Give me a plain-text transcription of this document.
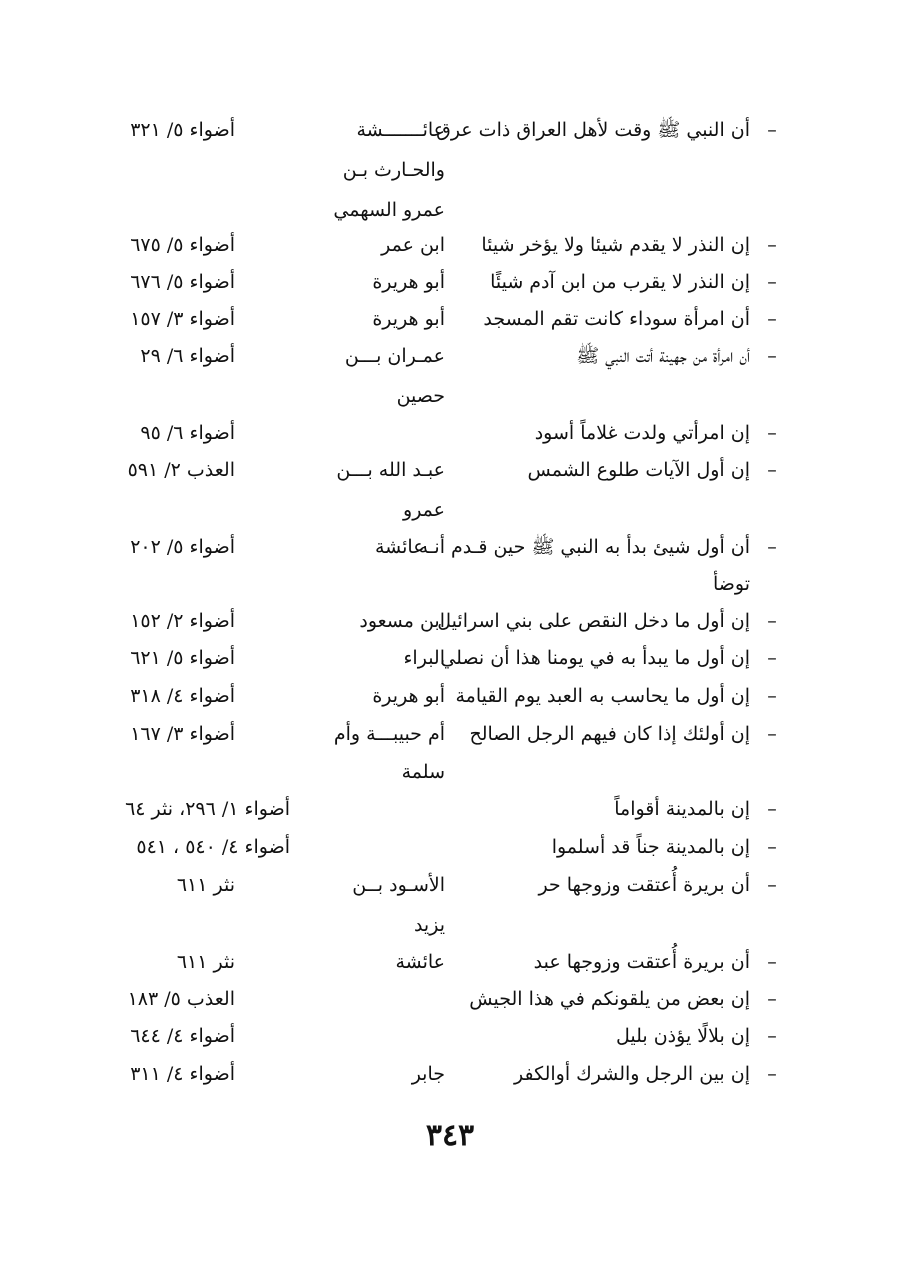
–
أن النبي ﷺ وقت لأهل العراق ذات عرق
عائـــــــشة
أضواء ٥/ ٣٢١
والحـارث بـن
عمرو السهمي
–
إن النذر لا يقدم شيئا ولا يؤخر شيئا
ابن عمر
أضواء ٥/ ٦٧٥
–
إن النذر لا يقرب من ابن آدم شيئًا
أبو هريرة
أضواء ٥/ ٦٧٦
–
أن امرأة سوداء كانت تقم المسجد
أبو هريرة
أضواء ٣/ ١٥٧
–
أن امرأة من جهينة أتت النبي ﷺ
عمـران بـــن
أضواء ٦/ ٢٩
حصين
–
إن امرأتي ولدت غلاماً أسود
أضواء ٦/ ٩٥
–
إن أول الآيات طلوع الشمس
عبـد الله بـــن
العذب ٢/ ٥٩١
عمرو
–
أن أول شيئ بدأ به النبي ﷺ حين قـدم أنـه
عائشة
أضواء ٥/ ٢٠٢
توضأ
–
إن أول ما دخل النقص على بني اسرائيل
ابن مسعود
أضواء ٢/ ١٥٢
–
إن أول ما يبدأ به في يومنا هذا أن نصلي
البراء
أضواء ٥/ ٦٢١
–
إن أول ما يحاسب به العبد يوم القيامة
أبو هريرة
أضواء ٤/ ٣١٨
–
إن أولئك إذا كان فيهم الرجل الصالح
أم حبيبـــة وأم
أضواء ٣/ ١٦٧
سلمة
–
إن بالمدينة أقواماً
أضواء ١/ ٢٩٦، نثر ٦٤
–
إن بالمدينة جناً قد أسلموا
أضواء ٤/ ٥٤٠ ، ٥٤١
–
أن بريرة أُعتقت وزوجها حر
الأسـود بــن
نثر ٦١١
يزيد
–
أن بريرة أُعتقت وزوجها عبد
عائشة
نثر ٦١١
–
إن بعض من يلقونكم في هذا الجيش
العذب ٥/ ١٨٣
–
إن بلالًا يؤذن بليل
أضواء ٤/ ٦٤٤
–
إن بين الرجل والشرك أوالكفر
جابر
أضواء ٤/ ٣١١
٣٤٣
